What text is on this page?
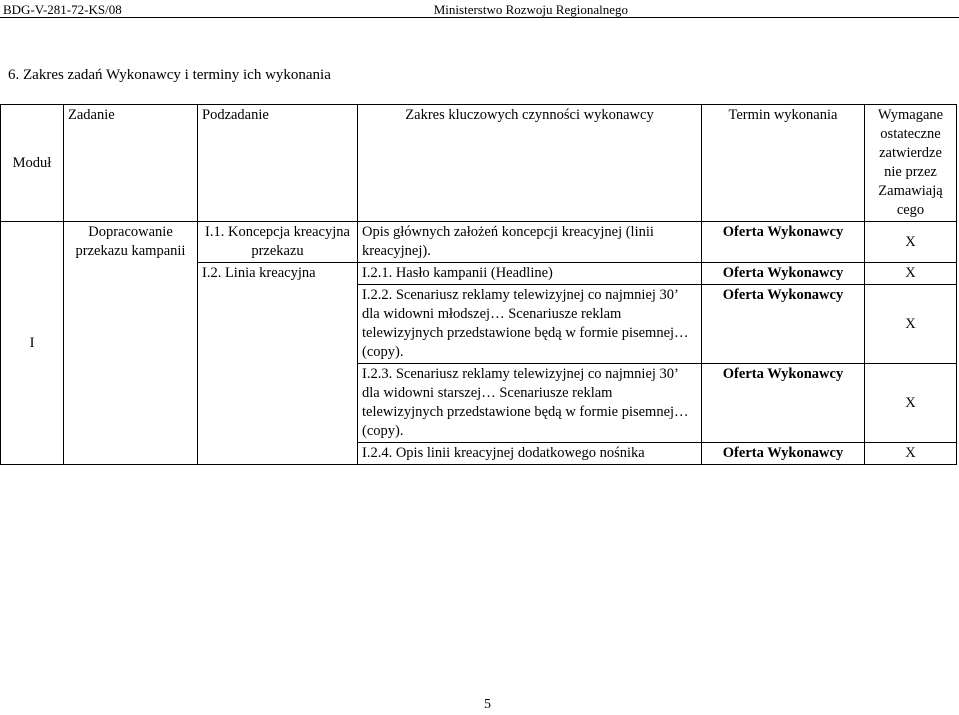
BDG-V-281-72-KS/08	Ministerstwo Rozwoju Regionalnego
6. Zakres zadań Wykonawcy i terminy ich wykonania
Moduł	Zadanie	Podzadanie	Zakres kluczowych czynności wykonawcy	Termin wykonania	Wymagane ostateczne zatwierdze nie przez Zamawiają cego
I	Dopracowanie przekazu kampanii	I.1. Koncepcja kreacyjna przekazu	Opis głównych założeń koncepcji kreacyjnej (linii kreacyjnej).	Oferta Wykonawcy	X
		I.2. Linia kreacyjna	I.2.1. Hasło kampanii (Headline)	Oferta Wykonawcy	X
			I.2.2. Scenariusz reklamy telewizyjnej co najmniej 30’ dla widowni młodszej… Scenariusze reklam telewizyjnych przedstawione będą w formie pisemnej… (copy).	Oferta Wykonawcy	X
			I.2.3. Scenariusz reklamy telewizyjnej co najmniej 30’ dla widowni starszej… Scenariusze reklam telewizyjnych przedstawione będą w formie pisemnej… (copy).	Oferta Wykonawcy	X
			I.2.4. Opis linii kreacyjnej dodatkowego nośnika	Oferta Wykonawcy	X
5
